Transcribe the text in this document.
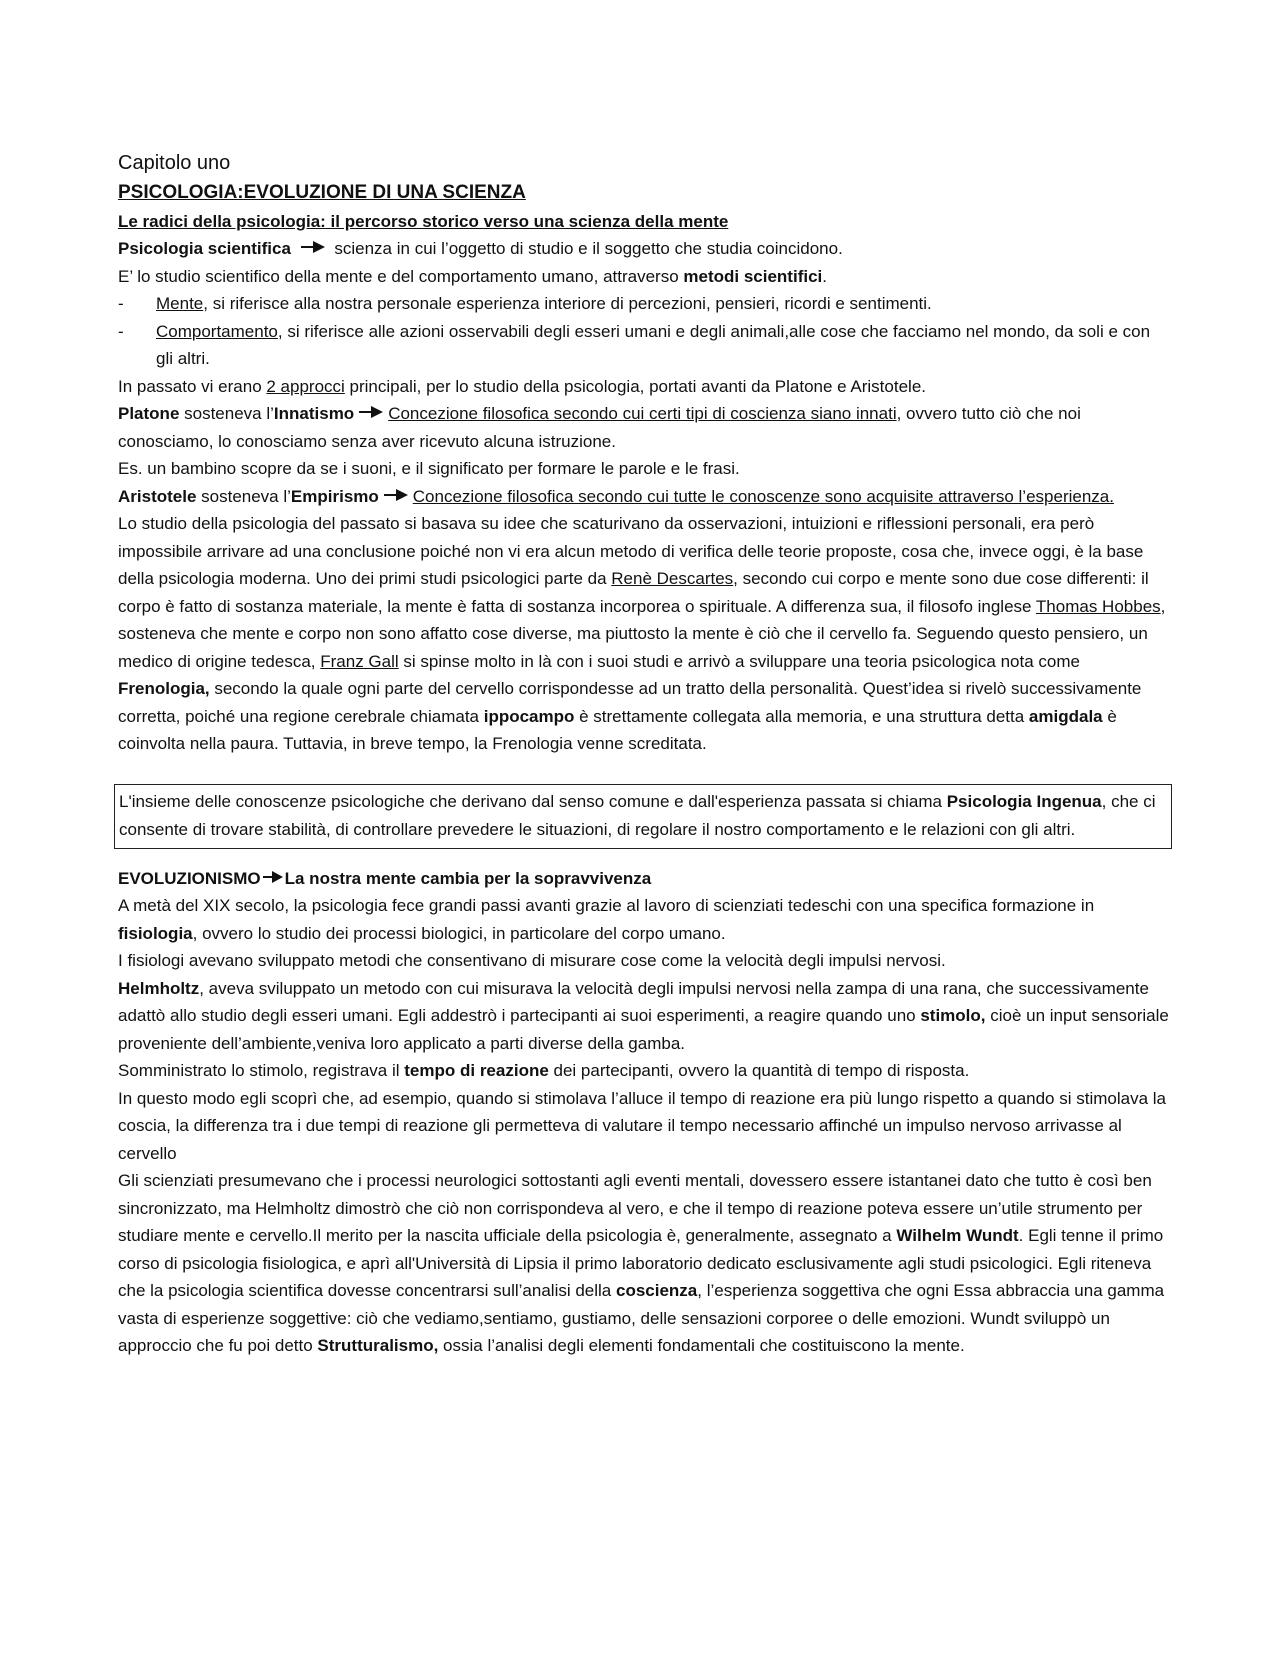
Capitolo uno

PSICOLOGIA:EVOLUZIONE DI UNA SCIENZA

Le radici della psicologia: il percorso storico verso una scienza della mente

Psicologia scientifica	scienza in cui l’oggetto di studio e il soggetto che studia coincidono.

E’ lo studio scientifico della mente e del comportamento umano, attraverso metodi scientifici.

- Mente, si riferisce alla nostra personale esperienza interiore di percezioni, pensieri, ricordi e sentimenti.
- Comportamento, si riferisce alle azioni osservabili degli esseri umani e degli animali,alle cose che facciamo nel mondo, da soli e con gli altri.

In passato vi erano 2 approcci principali, per lo studio della psicologia, portati avanti da Platone e Aristotele.

Platone sosteneva l’Innatismo Concezione filosofica secondo cui certi tipi di coscienza siano innati, ovvero tutto ciò che noi conosciamo, lo conosciamo senza aver ricevuto alcuna istruzione.

Es. un bambino scopre da se i suoni, e il significato per formare le parole e le frasi.

Aristotele sosteneva l’Empirismo Concezione filosofica secondo cui tutte le conoscenze sono acquisite attraverso l’esperienza.

Lo studio della psicologia del passato si basava su idee che scaturivano da osservazioni, intuizioni e riflessioni personali, era però impossibile arrivare ad una conclusione poiché non vi era alcun metodo di verifica delle teorie proposte, cosa che, invece oggi, è la base della psicologia moderna. Uno dei primi studi psicologici parte da Renè Descartes, secondo cui corpo e mente sono due cose differenti: il corpo è fatto di sostanza materiale, la mente è fatta di sostanza incorporea o spirituale. A differenza sua, il filosofo inglese Thomas Hobbes, sosteneva che mente e corpo non sono affatto cose diverse, ma piuttosto la mente è ciò che il cervello fa. Seguendo questo pensiero, un medico di origine tedesca, Franz Gall si spinse molto in là con i suoi studi e arrivò a sviluppare una teoria psicologica nota come Frenologia, secondo la quale ogni parte del cervello corrispondesse ad un tratto della personalità. Quest’idea si rivelò successivamente corretta, poiché una regione cerebrale chiamata ippocampo è strettamente collegata alla memoria, e una struttura detta amigdala è coinvolta nella paura. Tuttavia, in breve tempo, la Frenologia venne screditata.

L'insieme delle conoscenze psicologiche che derivano dal senso comune e dall'esperienza passata si chiama Psicologia Ingenua, che ci consente di trovare stabilità, di controllare prevedere le situazioni, di regolare il nostro comportamento e le relazioni con gli altri.

EVOLUZIONISMO La nostra mente cambia per la sopravvivenza

A metà del XIX secolo, la psicologia fece grandi passi avanti grazie al lavoro di scienziati tedeschi con una specifica formazione in fisiologia, ovvero lo studio dei processi biologici, in particolare del corpo umano.

I fisiologi avevano sviluppato metodi che consentivano di misurare cose come la velocità degli impulsi nervosi.

Helmholtz, aveva sviluppato un metodo con cui misurava la velocità degli impulsi nervosi nella zampa di una rana, che successivamente adattò allo studio degli esseri umani. Egli addestrò i partecipanti ai suoi esperimenti, a reagire quando uno stimolo, cioè un input sensoriale proveniente dell’ambiente,veniva loro applicato a parti diverse della gamba.

Somministrato lo stimolo, registrava il tempo di reazione dei partecipanti, ovvero la quantità di tempo di risposta.

In questo modo egli scoprì che, ad esempio, quando si stimolava l’alluce il tempo di reazione era più lungo rispetto a quando si stimolava la coscia, la differenza tra i due tempi di reazione gli permetteva di valutare il tempo necessario affinché un impulso nervoso arrivasse al cervello

Gli scienziati presumevano che i processi neurologici sottostanti agli eventi mentali, dovessero essere istantanei dato che tutto è così ben sincronizzato, ma Helmholtz dimostrò che ciò non corrispondeva al vero, e che il tempo di reazione poteva essere un’utile strumento per studiare mente e cervello.Il merito per la nascita ufficiale della psicologia è, generalmente, assegnato a Wilhelm Wundt. Egli tenne il primo corso di psicologia fisiologica, e aprì all'Università di Lipsia il primo laboratorio dedicato esclusivamente agli studi psicologici. Egli riteneva che la psicologia scientifica dovesse concentrarsi sull’analisi della coscienza, l’esperienza soggettiva che ogni Essa abbraccia una gamma vasta di esperienze soggettive: ciò che vediamo,sentiamo, gustiamo, delle sensazioni corporee o delle emozioni. Wundt sviluppò un approccio che fu poi detto Strutturalismo, ossia l’analisi degli elementi fondamentali che costituiscono la mente.
